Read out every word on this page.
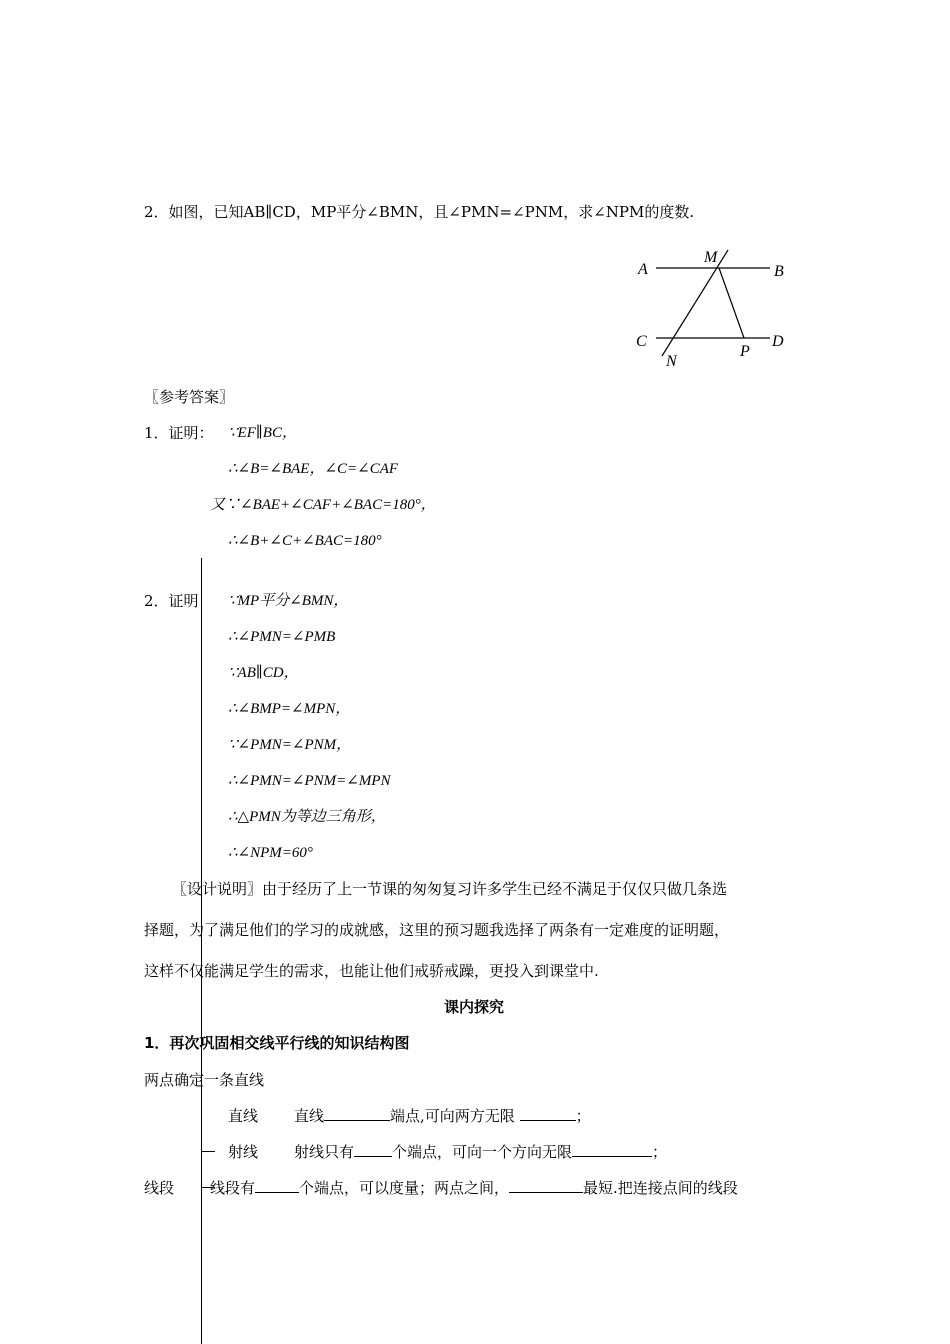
2．如图，已知AB∥CD，MP平分∠BMN，且∠PMN=∠PNM，求∠NPM的度数.
A	B
M
C	D
N
P
〖参考答案〗
1．证明： ∵EF∥BC，
∴∠B=∠BAE，∠C=∠CAF
又∵∠BAE+∠CAF+∠BAC=180°，
∴∠B+∠C+∠BAC=180°
2．证明 ∵MP平分∠BMN，
∴∠PMN=∠PMB
∵AB∥CD，
∴∠BMP=∠MPN，
∵∠PMN=∠PNM，
∴∠PMN=∠PNM=∠MPN
∴△PMN为等边三角形，
∴∠NPM=60°
〖设计说明〗由于经历了上一节课的匆匆复习许多学生已经不满足于仅仅只做几条选
择题，为了满足他们的学习的成就感，这里的预习题我选择了两条有一定难度的证明题，
这样不仅能满足学生的需求，也能让他们戒骄戒躁，更投入到课堂中.
课内探究
1．再次巩固相交线平行线的知识结构图
两点确定一条直线
直线 直线	端点,可向两方无限	；
射线 射线只有	个端点，可向一个方向无限	；
线段 线段有	个端点，可以度量；两点之间，	最短.把连接点间的线段
